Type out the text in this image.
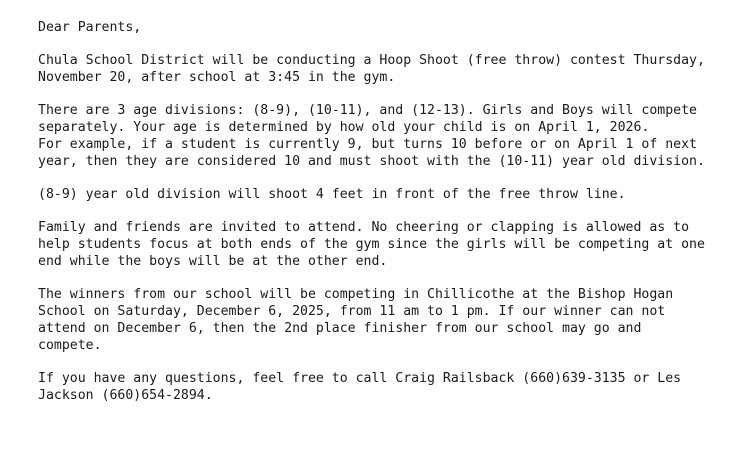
Dear Parents,

Chula School District will be conducting a Hoop Shoot (free throw) contest Thursday,
November 20, after school at 3:45 in the gym.

There are 3 age divisions: (8-9), (10-11), and (12-13). Girls and Boys will compete
separately. Your age is determined by how old your child is on April 1, 2026.
For example, if a student is currently 9, but turns 10 before or on April 1 of next
year, then they are considered 10 and must shoot with the (10-11) year old division.

(8-9) year old division will shoot 4 feet in front of the free throw line.

Family and friends are invited to attend. No cheering or clapping is allowed as to
help students focus at both ends of the gym since the girls will be competing at one
end while the boys will be at the other end.

The winners from our school will be competing in Chillicothe at the Bishop Hogan
School on Saturday, December 6, 2025, from 11 am to 1 pm. If our winner can not
attend on December 6, then the 2nd place finisher from our school may go and
compete.

If you have any questions, feel free to call Craig Railsback (660)639-3135 or Les
Jackson (660)654-2894.
